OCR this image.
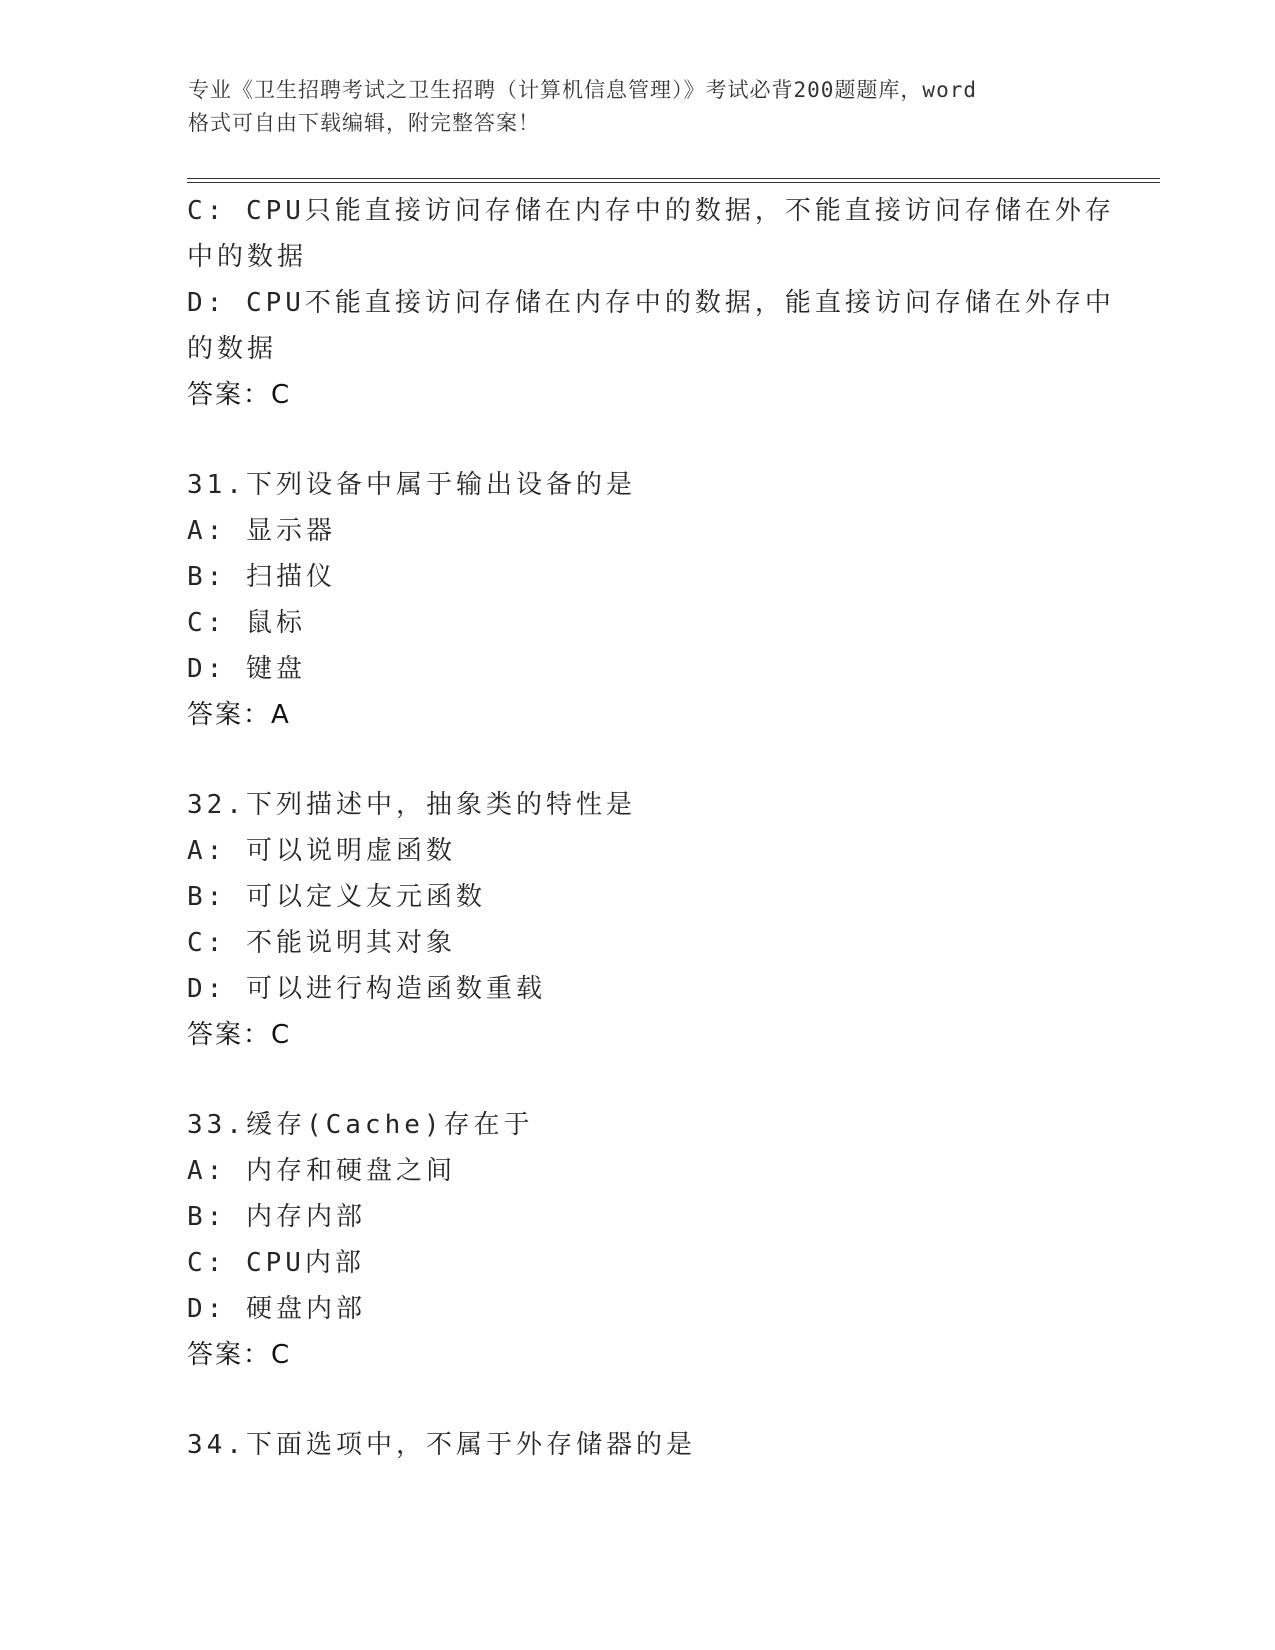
专业《卫生招聘考试之卫生招聘（计算机信息管理）》考试必背200题题库，word
格式可自由下载编辑，附完整答案！
C: CPU只能直接访问存储在内存中的数据，不能直接访问存储在外存
中的数据
D: CPU不能直接访问存储在内存中的数据，能直接访问存储在外存中
的数据
答案：C
31.下列设备中属于输出设备的是
A: 显示器
B: 扫描仪
C: 鼠标
D: 键盘
答案：A
32.下列描述中，抽象类的特性是
A: 可以说明虚函数
B: 可以定义友元函数
C: 不能说明其对象
D: 可以进行构造函数重载
答案：C
33.缓存(Cache)存在于
A: 内存和硬盘之间
B: 内存内部
C: CPU内部
D: 硬盘内部
答案：C
34.下面选项中，不属于外存储器的是
